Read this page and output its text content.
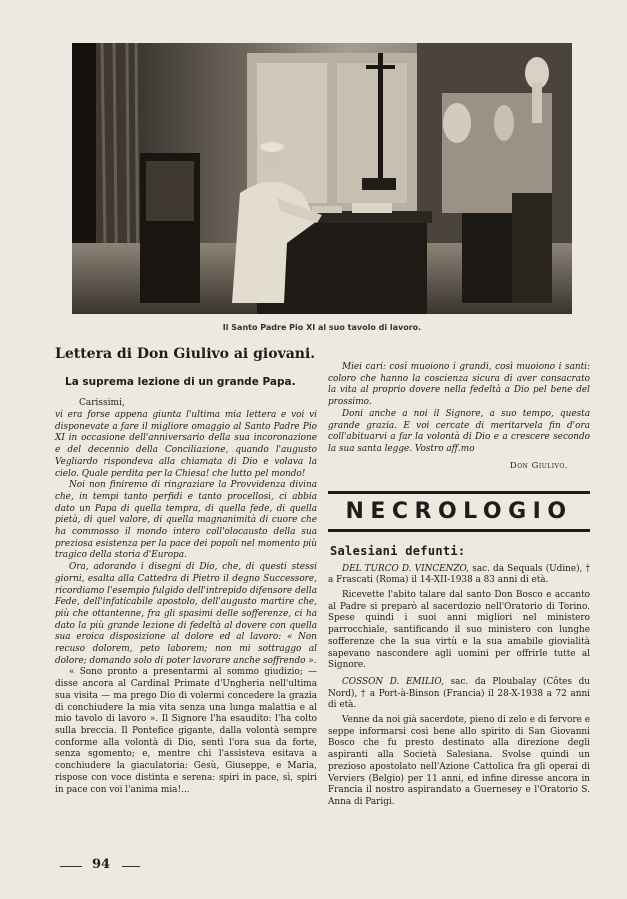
Il Santo Padre Pio XI al suo tavolo di lavoro.
Lettera di Don Giulivo ai giovani.
La suprema lezione di un grande Papa.
Carissimi,

vi era forse appena giunta l'ultima mia lettera e voi vi disponevate a fare il migliore omaggio al Santo Padre Pio XI in occasione dell'anniversario della sua incoronazione e del decennio della Conciliazione, quando l'augusto Vegliardo rispondeva alla chiamata di Dio e volava la cielo. Quale perdita per la Chiesa! che lutto pel mondo!

Noi non finiremo di ringraziare la Provvidenza divina che, in tempi tanto perfidi e tanto procellosi, ci abbia dato un Papa di quella tempra, di quella fede, di quella pietà, di quel valore, di quella magnanimità di cuore che ha commosso il mondo intero coll'olocausto della sua preziosa esistenza per la pace dei popoli nel momento più tragico della storia d'Europa.

Ora, adorando i disegni di Dio, che, di questi stessi giorni, esalta alla Cattedra di Pietro il degno Successore, ricordiamo l'esempio fulgido dell'intrepido difensore della Fede, dell'infaticabile apostolo, dell'augusto martire che, più che ottantenne, fra gli spasimi delle sofferenze, ci ha dato la più grande lezione di fedeltà al dovere con quella sua eroica disposizione al dolore ed al lavoro: « Non recuso dolorem, peto laborem; non mi sottraggo al dolore; domando solo di poter lavorare anche soffrendo ».

« Sono pronto a presentarmi al sommo giudizio; — disse ancora al Cardinal Primate d'Ungheria nell'ultima sua visita — ma prego Dio di volermi concedere la grazia di conchiudere la mia vita senza una lunga malattia e al mio tavolo di lavoro ». Il Signore l'ha esaudito: l'ha colto sulla breccia. Il Pontefice gigante, dalla volontà sempre conforme alla volontà di Dio, sentì l'ora sua da forte, senza sgomento; e, mentre chi l'assisteva esitava a conchiudere la giaculatoria: Gesù, Giuseppe, e Maria, rispose con voce distinta e serena: spiri in pace, sì, spiri in pace con voi l'anima mia!...

Miei cari: così muoiono i grandi, così muoiono i santi: coloro che hanno la coscienza sicura di aver consacrato la vita al proprio dovere nella fedeltà a Dio pel bene del prossimo.

Doni anche a noi il Signore, a suo tempo, questa grande grazia. E voi cercate di meritarvela fin d'ora coll'abituarvi a far la volontà di Dio e a crescere secondo la sua santa legge. Vostro aff.mo

Don Giulivo.
NECROLOGIO
Salesiani defunti:

DEL TURCO D. VINCENZO, sac. da Sequals (Udine), † a Frascati (Roma) il 14-XII-1938 a 83 anni di età.

Ricevette l'abito talare dal santo Don Bosco e accanto al Padre si preparò al sacerdozio nell'Oratorio di Torino. Spese quindi i suoi anni migliori nel ministero parrocchiale, santificando il suo ministero con lunghe sofferenze che la sua virtù e la sua amabile giovialità sapevano nascondere agli uomini per offrirle tutte al Signore.

COSSON D. EMILIO, sac. da Ploubalay (Côtes du Nord), † a Port-à-Binson (Francia) il 28-X-1938 a 72 anni di età.

Venne da noi già sacerdote, pieno di zelo e di fervore e seppe informarsi così bene allo spirito di San Giovanni Bosco che fu presto destinato alla direzione degli aspiranti alla Società Salesiana. Svolse quindi un prezioso apostolato nell'Azione Cattolica fra gli operai di Verviers (Belgio) per 11 anni, ed infine diresse ancora in Francia il nostro aspirandato a Guernesey e l'Oratorio S. Anna di Parigi.

94
